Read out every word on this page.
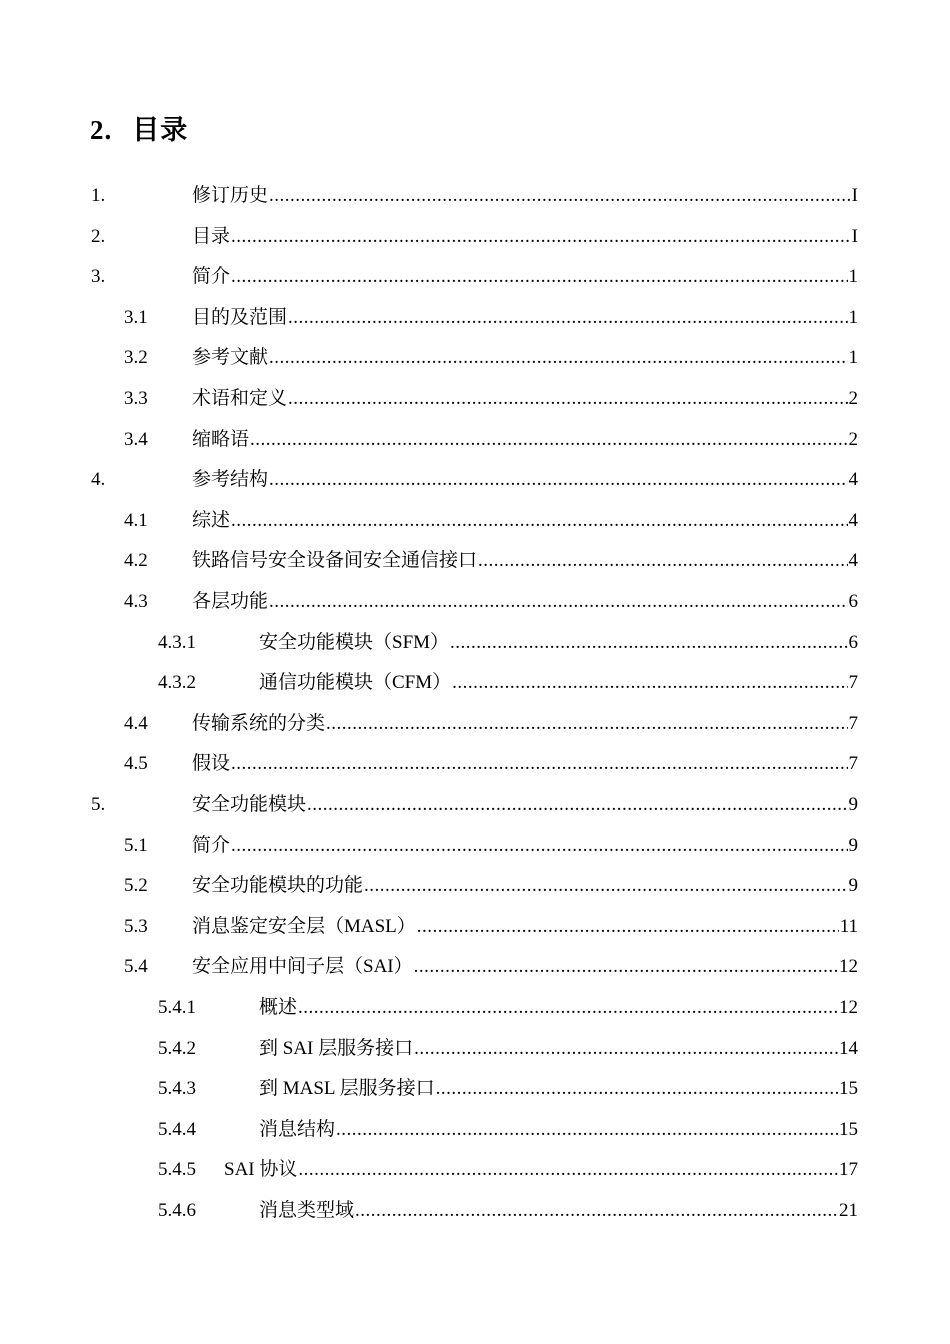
2. 目录
1.	修订历史 .....	I
2.	目录 .....	I
3.	简介 .....	1
3.1 目的及范围 .....	1
3.2 参考文献 .....	1
3.3 术语和定义 .....	2
3.4 缩略语 .....	2
4.	参考结构 .....	4
4.1 综述 .....	4
4.2 铁路信号安全设备间安全通信接口 .....	4
4.3 各层功能 .....	6
4.3.1	安全功能模块（SFM） .....	6
4.3.2	通信功能模块（CFM） .....	7
4.4 传输系统的分类 .....	7
4.5 假设 .....	7
5.	安全功能模块 .....	9
5.1 简介 .....	9
5.2 安全功能模块的功能 .....	9
5.3 消息鉴定安全层（MASL） .....	11
5.4 安全应用中间子层（SAI） .....	12
5.4.1	概述 .....	12
5.4.2	到 SAI 层服务接口 .....	14
5.4.3	到 MASL 层服务接口 .....	15
5.4.4	消息结构 .....	15
5.4.5 SAI 协议 .....	17
5.4.6	消息类型域 .....	21
